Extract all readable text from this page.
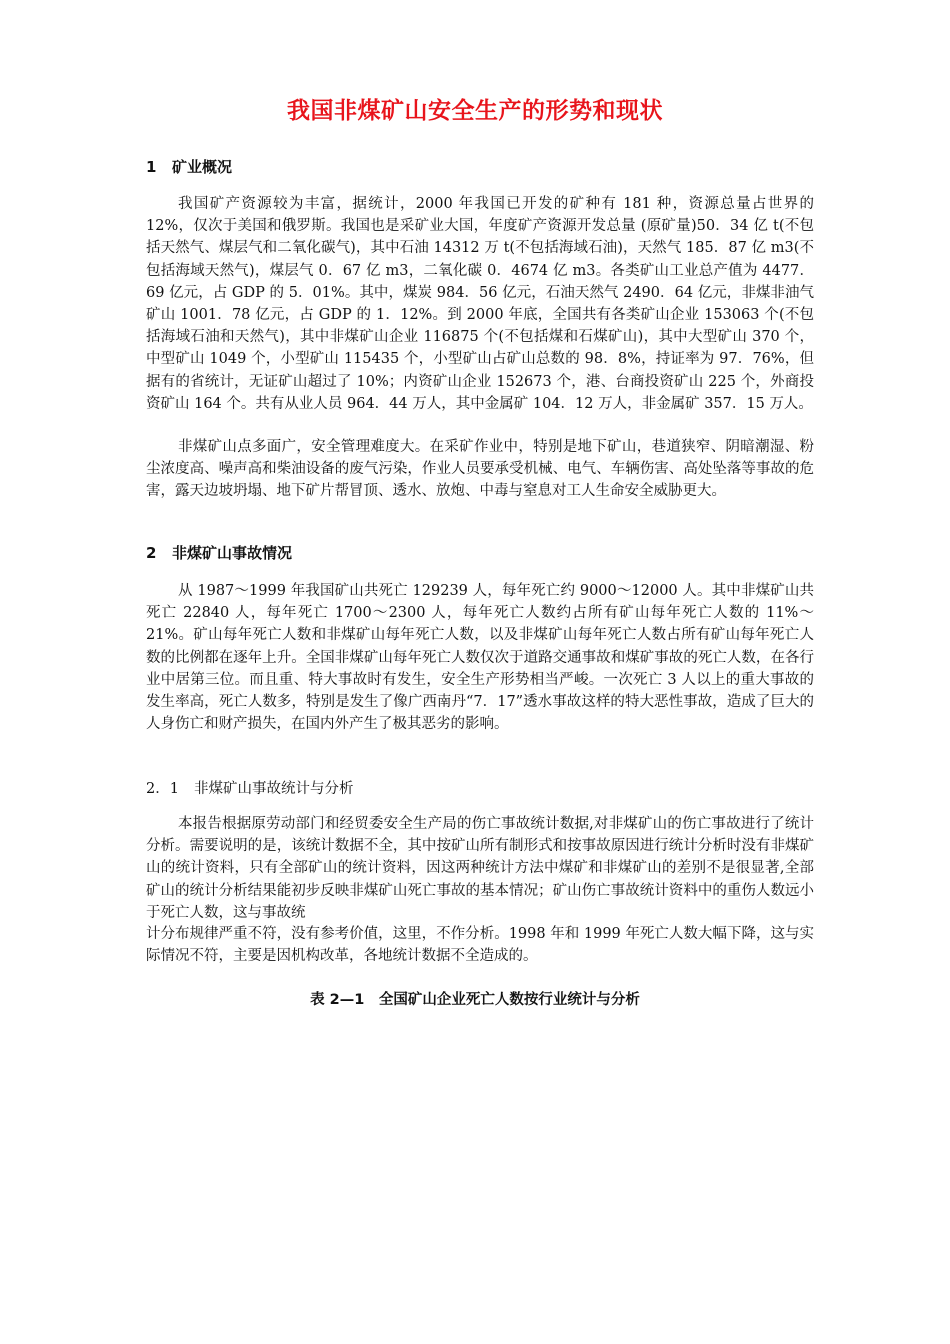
我国非煤矿山安全生产的形势和现状
1 矿业概况

我国矿产资源较为丰富，据统计，2000 年我国已开发的矿种有 181 种，资源总量占世界的 12%，仅次于美国和俄罗斯。我国也是采矿业大国，年度矿产资源开发总量 (原矿量)50．34 亿 t(不包括天然气、煤层气和二氧化碳气)，其中石油 14312 万 t(不包括海域石油)，天然气 185．87 亿 m3(不包括海域天然气)，煤层气 0．67 亿 m3，二氧化碳 0．4674 亿 m3。各类矿山工业总产值为 4477．69 亿元，占 GDP 的 5．01%。其中，煤炭 984．56 亿元，石油天然气 2490．64 亿元，非煤非油气矿山 1001．78 亿元，占 GDP 的 1．12%。到 2000 年底，全国共有各类矿山企业 153063 个(不包括海域石油和天然气)，其中非煤矿山企业 116875 个(不包括煤和石煤矿山)，其中大型矿山 370 个，中型矿山 1049 个，小型矿山 115435 个，小型矿山占矿山总数的 98．8%，持证率为 97．76%，但据有的省统计，无证矿山超过了 10%；内资矿山企业 152673 个，港、台商投资矿山 225 个，外商投资矿山 164 个。共有从业人员 964．44 万人，其中金属矿 104．12 万人，非金属矿 357．15 万人。

非煤矿山点多面广，安全管理难度大。在采矿作业中，特别是地下矿山，巷道狭窄、阴暗潮湿、粉尘浓度高、噪声高和柴油设备的废气污染，作业人员要承受机械、电气、车辆伤害、高处坠落等事故的危害，露天边坡坍塌、地下矿片帮冒顶、透水、放炮、中毒与窒息对工人生命安全威胁更大。

2 非煤矿山事故情况

从 1987～1999 年我国矿山共死亡 129239 人，每年死亡约 9000～12000 人。其中非煤矿山共死亡 22840 人，每年死亡 1700～2300 人，每年死亡人数约占所有矿山每年死亡人数的 11%～21%。矿山每年死亡人数和非煤矿山每年死亡人数，以及非煤矿山每年死亡人数占所有矿山每年死亡人数的比例都在逐年上升。全国非煤矿山每年死亡人数仅次于道路交通事故和煤矿事故的死亡人数，在各行业中居第三位。而且重、特大事故时有发生，安全生产形势相当严峻。一次死亡 3 人以上的重大事故的发生率高，死亡人数多，特别是发生了像广西南丹“7．17”透水事故这样的特大恶性事故，造成了巨大的人身伤亡和财产损失，在国内外产生了极其恶劣的影响。

2．1 非煤矿山事故统计与分析

本报告根据原劳动部门和经贸委安全生产局的伤亡事故统计数据,对非煤矿山的伤亡事故进行了统计分析。需要说明的是，该统计数据不全，其中按矿山所有制形式和按事故原因进行统计分析时没有非煤矿山的统计资料，只有全部矿山的统计资料，因这两种统计方法中煤矿和非煤矿山的差别不是很显著,全部矿山的统计分析结果能初步反映非煤矿山死亡事故的基本情况；矿山伤亡事故统计资料中的重伤人数远小于死亡人数，这与事故统

计分布规律严重不符，没有参考价值，这里，不作分析。1998 年和 1999 年死亡人数大幅下降，这与实际情况不符，主要是因机构改革，各地统计数据不全造成的。

表 2—1　全国矿山企业死亡人数按行业统计与分析
